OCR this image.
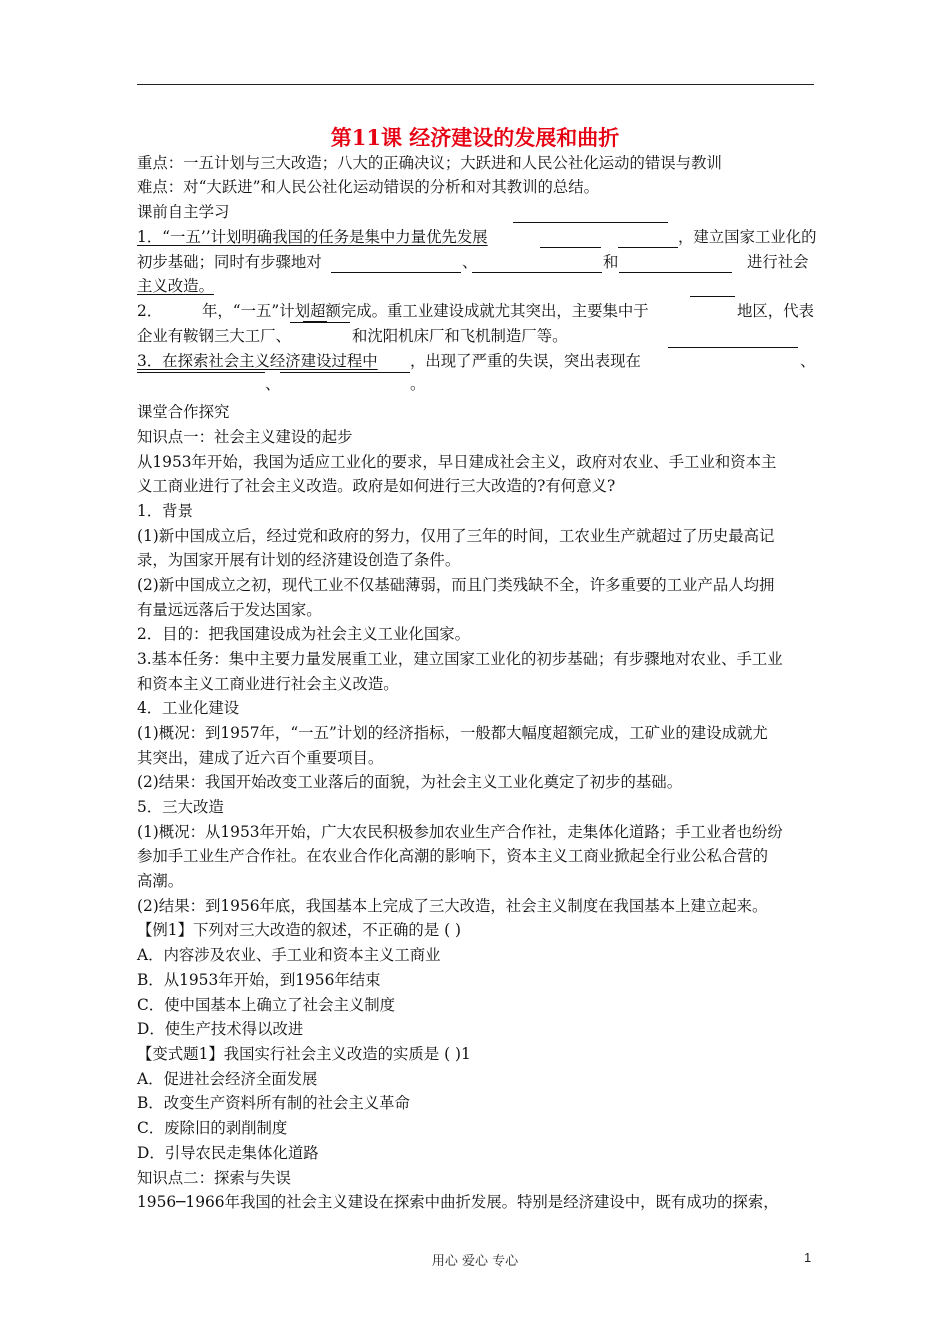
第11课 经济建设的发展和曲折
重点：一五计划与三大改造；八大的正确决议；大跃进和人民公社化运动的错误与教训
难点：对“大跃进”和人民公社化运动错误的分析和对其教训的总结。
课前自主学习
1．“一五’’计划明确我国的任务是集中力量优先发展	，建立国家工业化的
初步基础；同时有步骤地对	、	和	进行社会
主义改造。
2．	年，“一五”计划超额完成。重工业建设成就尤其突出，主要集中于	地区，代表
企业有鞍钢三大工厂、	和沈阳机床厂和飞机制造厂等。
3．在探索社会主义经济建设过程中 ，出现了严重的失误，突出表现在	、
、	。
课堂合作探究
知识点一：社会主义建设的起步
从1953年开始，我国为适应工业化的要求，早日建成社会主义，政府对农业、手工业和资本主
义工商业进行了社会主义改造。政府是如何进行三大改造的?有何意义?
1．背景
(1)新中国成立后，经过党和政府的努力，仅用了三年的时间，工农业生产就超过了历史最高记
录，为国家开展有计划的经济建设创造了条件。
(2)新中国成立之初，现代工业不仅基础薄弱，而且门类残缺不全，许多重要的工业产品人均拥
有量远远落后于发达国家。
2．目的：把我国建设成为社会主义工业化国家。
3.基本任务：集中主要力量发展重工业，建立国家工业化的初步基础；有步骤地对农业、手工业
和资本主义工商业进行社会主义改造。
4．工业化建设
(1)概况：到1957年，“一五”计划的经济指标，一般都大幅度超额完成，工矿业的建设成就尤
其突出，建成了近六百个重要项目。
(2)结果：我国开始改变工业落后的面貌，为社会主义工业化奠定了初步的基础。
5．三大改造
(1)概况：从1953年开始，广大农民积极参加农业生产合作社，走集体化道路；手工业者也纷纷
参加手工业生产合作社。在农业合作化高潮的影响下，资本主义工商业掀起全行业公私合营的
高潮。
(2)结果：到1956年底，我国基本上完成了三大改造，社会主义制度在我国基本上建立起来。
【例1】下列对三大改造的叙述，不正确的是 ( )
A．内容涉及农业、手工业和资本主义工商业
B．从1953年开始，到1956年结束
C．使中国基本上确立了社会主义制度
D．使生产技术得以改进
【变式题1】我国实行社会主义改造的实质是 ( )1
A．促进社会经济全面发展
B．改变生产资料所有制的社会主义革命
C．废除旧的剥削制度
D．引导农民走集体化道路
知识点二：探索与失误
1956─1966年我国的社会主义建设在探索中曲折发展。特别是经济建设中，既有成功的探索，
用心 爱心 专心	1
